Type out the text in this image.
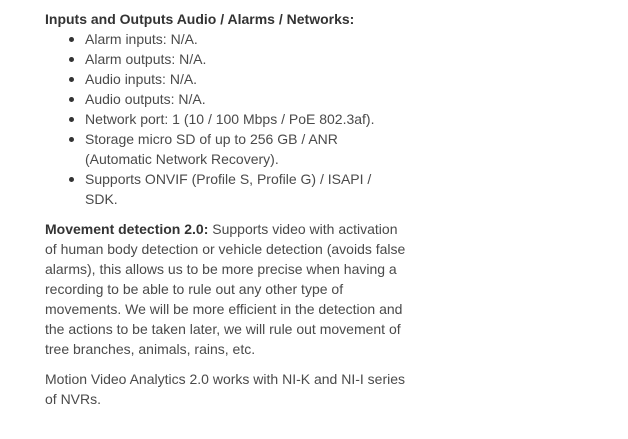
Inputs and Outputs Audio / Alarms / Networks:
Alarm inputs: N/A.
Alarm outputs: N/A.
Audio inputs: N/A.
Audio outputs: N/A.
Network port: 1 (10 / 100 Mbps / PoE 802.3af).
Storage micro SD of up to 256 GB / ANR (Automatic Network Recovery).
Supports ONVIF (Profile S, Profile G) / ISAPI / SDK.

Movement detection 2.0: Supports video with activation of human body detection or vehicle detection (avoids false alarms), this allows us to be more precise when having a recording to be able to rule out any other type of movements. We will be more efficient in the detection and the actions to be taken later, we will rule out movement of tree branches, animals, rains, etc.

Motion Video Analytics 2.0 works with NI-K and NI-I series of NVRs.
